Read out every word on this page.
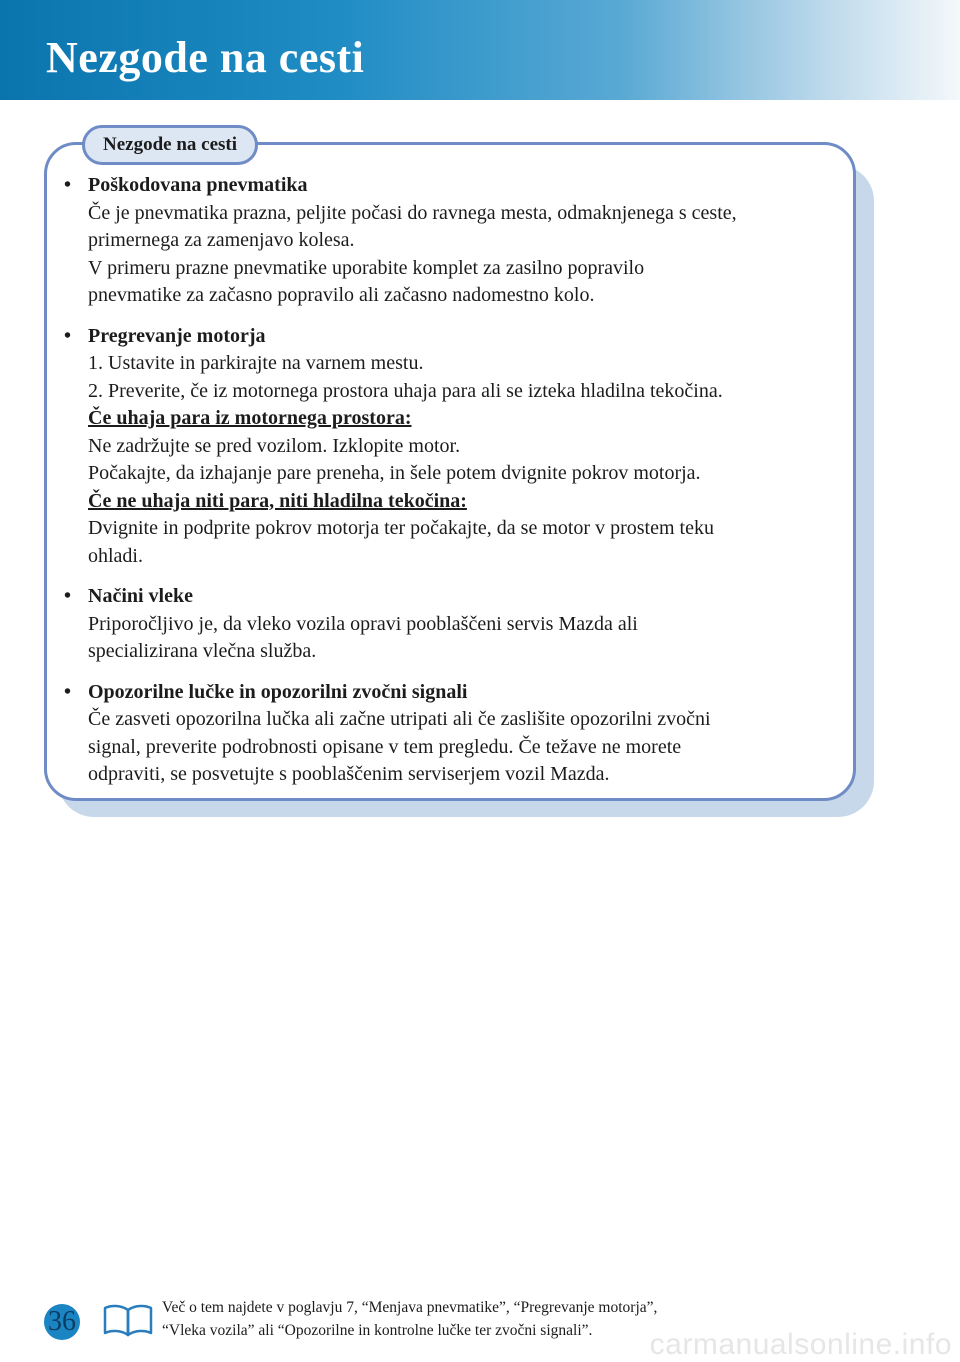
Nezgode na cesti
Nezgode na cesti
• Poškodovana pnevmatika
Če je pnevmatika prazna, peljite počasi do ravnega mesta, odmaknjenega s ceste,
primernega za zamenjavo kolesa.
V primeru prazne pnevmatike uporabite komplet za zasilno popravilo
pnevmatike za začasno popravilo ali začasno nadomestno kolo.
• Pregrevanje motorja
1. Ustavite in parkirajte na varnem mestu.
2. Preverite, če iz motornega prostora uhaja para ali se izteka hladilna tekočina.
Če uhaja para iz motornega prostora:
Ne zadržujte se pred vozilom. Izklopite motor.
Počakajte, da izhajanje pare preneha, in šele potem dvignite pokrov motorja.
Če ne uhaja niti para, niti hladilna tekočina:
Dvignite in podprite pokrov motorja ter počakajte, da se motor v prostem teku
ohladi.
• Načini vleke
Priporočljivo je, da vleko vozila opravi pooblaščeni servis Mazda ali
specializirana vlečna služba.
• Opozorilne lučke in opozorilni zvočni signali
Če zasveti opozorilna lučka ali začne utripati ali če zaslišite opozorilni zvočni
signal, preverite podrobnosti opisane v tem pregledu. Če težave ne morete
odpraviti, se posvetujte s pooblaščenim serviserjem vozil Mazda.
36	Več o tem najdete v poglavju 7, “Menjava pnevmatike”, “Pregrevanje motorja”,
“Vleka vozila” ali “Opozorilne in kontrolne lučke ter zvočni signali”.	carmanualsonline.info
